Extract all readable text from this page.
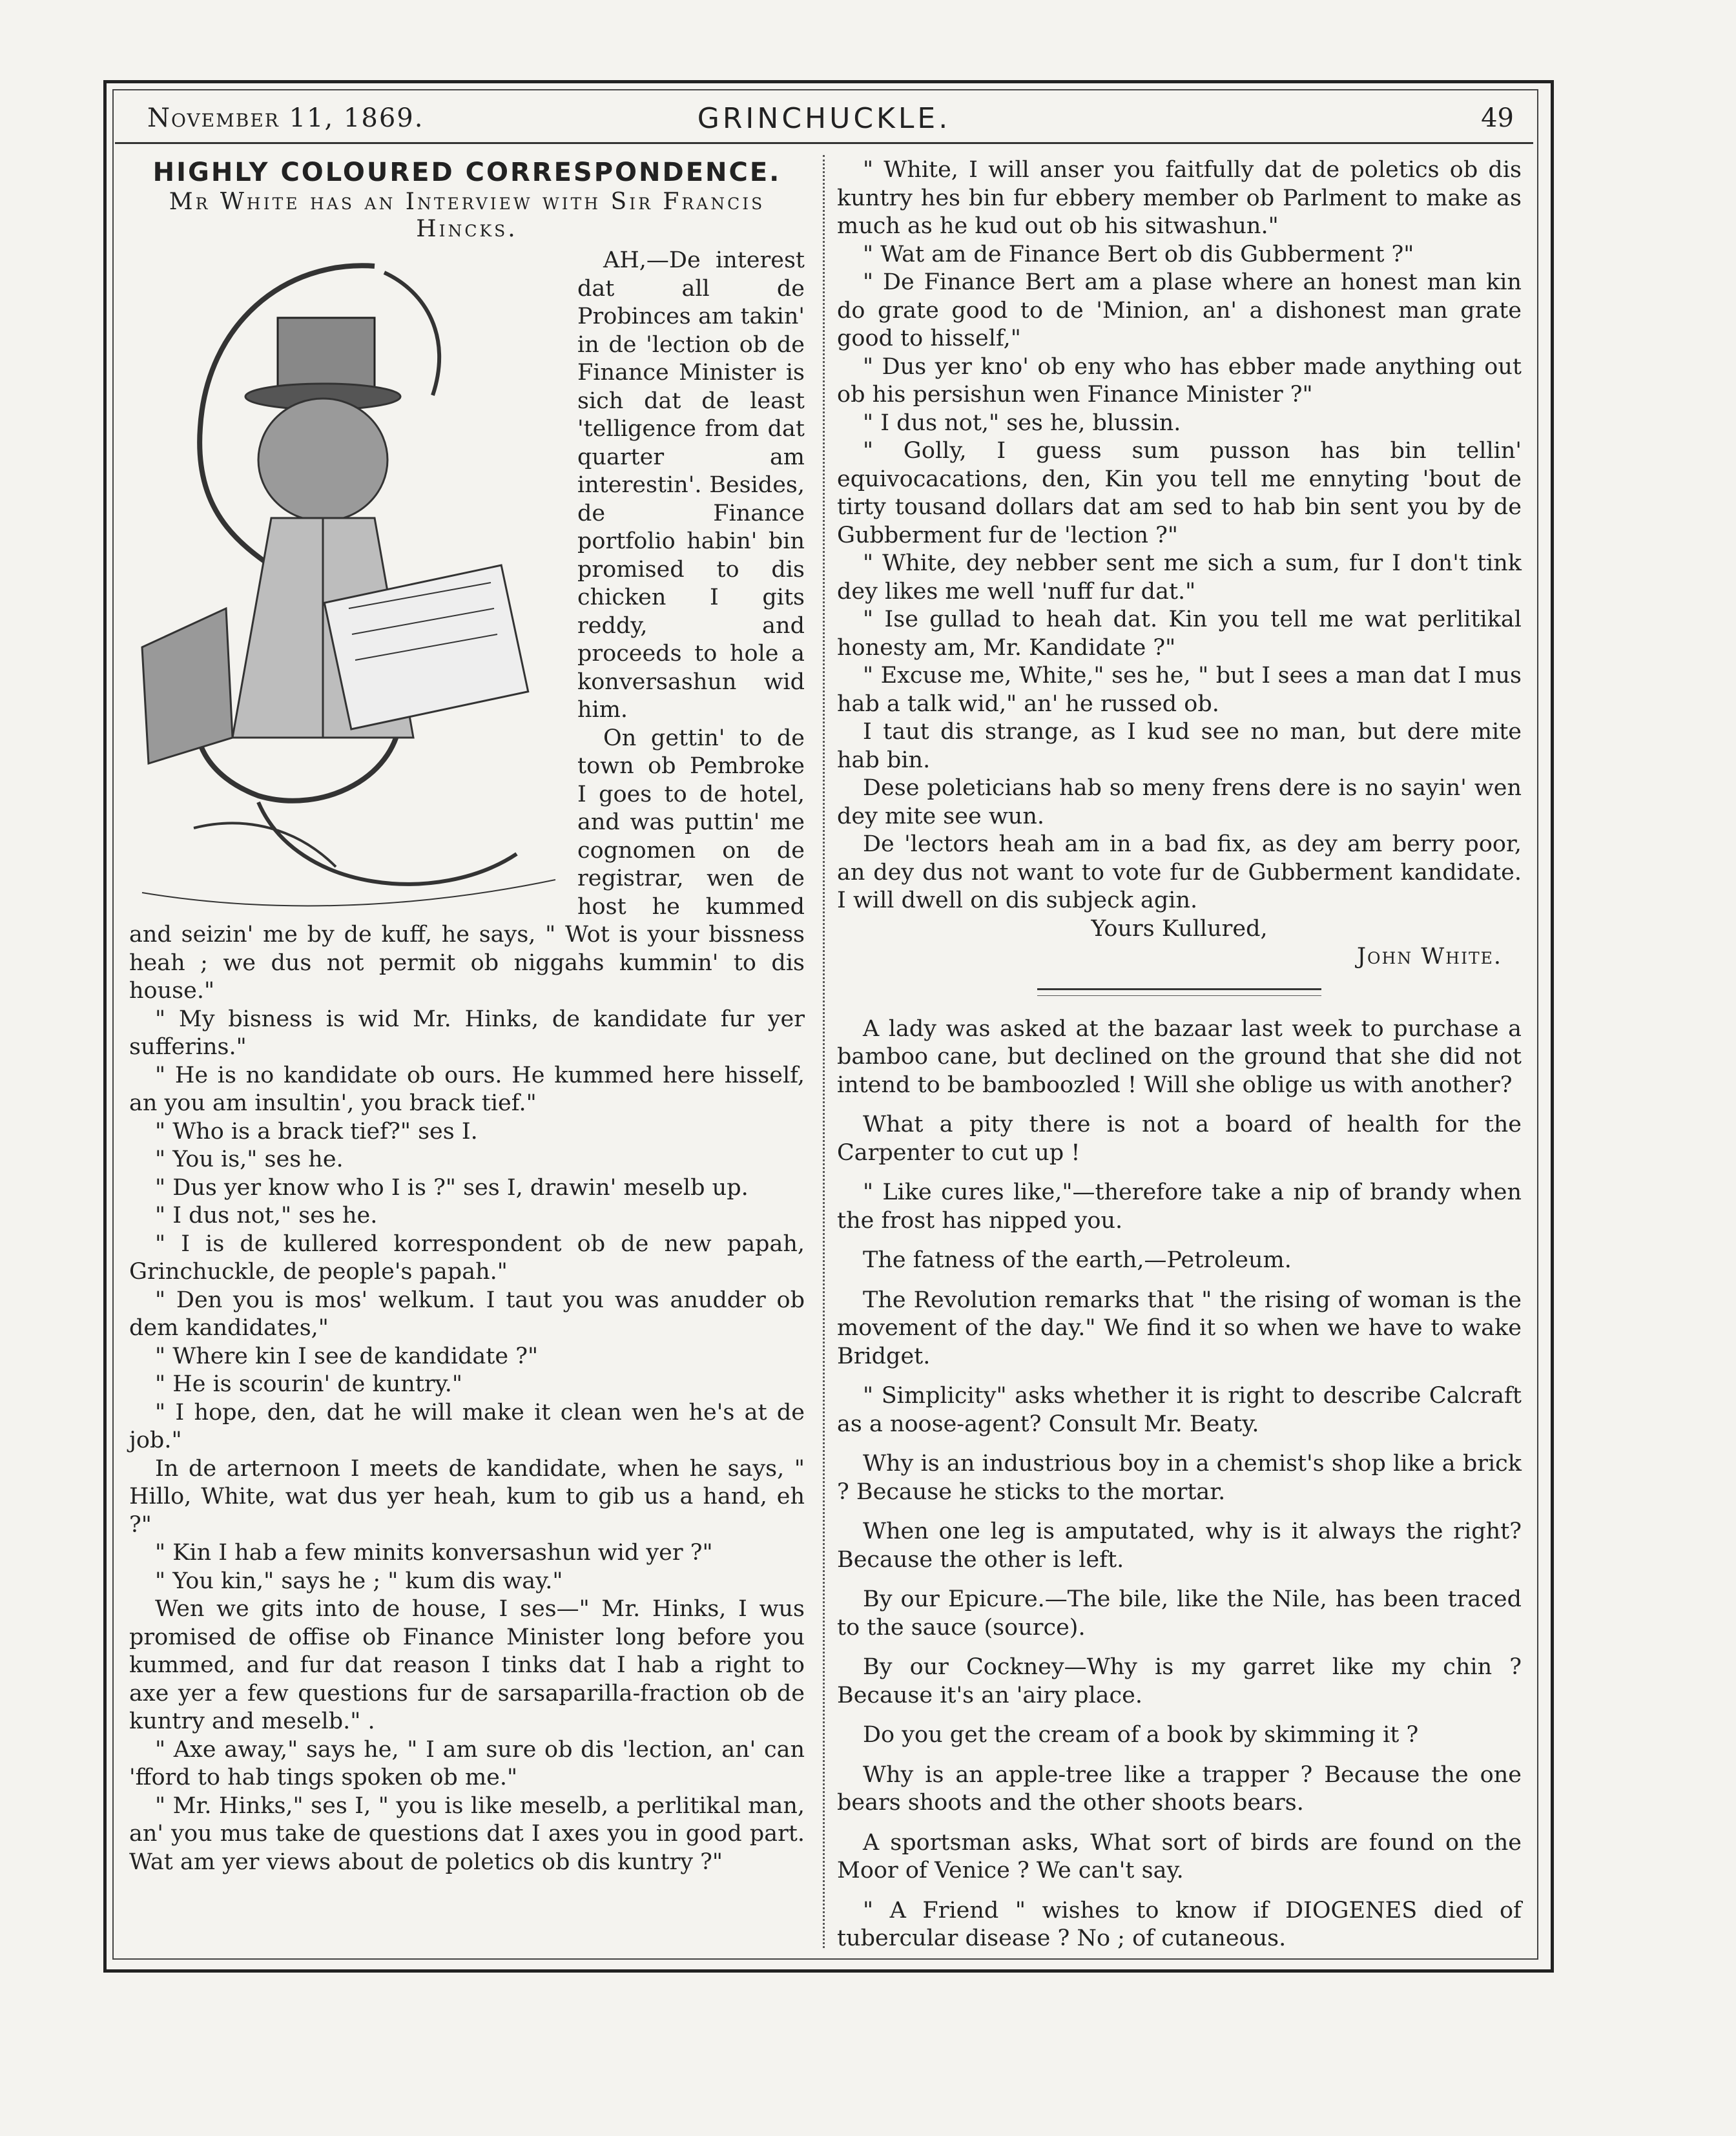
November 11, 1869.	GRINCHUCKLE.	49
HIGHLY COLOURED CORRESPONDENCE.
Mr White has an Interview with Sir Francis Hincks.

AH,—De interest dat all de Probinces am takin' in de 'lection ob de Finance Minister is sich dat de least 'telligence from dat quarter am interestin'. Besides, de Finance portfolio habin' bin promised to dis chicken I gits reddy, and proceeds to hole a konversashun wid him.

On gettin' to de town ob Pembroke I goes to de hotel, and was puttin' me cognomen on de registrar, wen de host he kummed and seizin' me by de kuff, he says, " Wot is your bissness heah ; we dus not permit ob niggahs kummin' to dis house."

" My bisness is wid Mr. Hinks, de kandidate fur yer sufferins."

" He is no kandidate ob ours. He kummed here hisself, an you am insultin', you brack tief."

" Who is a brack tief?" ses I.

" You is," ses he.

" Dus yer know who I is ?" ses I, drawin' meselb up.

" I dus not," ses he.

" I is de kullered korrespondent ob de new papah, Grinchuckle, de people's papah."

" Den you is mos' welkum. I taut you was anudder ob dem kandidates,"

" Where kin I see de kandidate ?"

" He is scourin' de kuntry."

" I hope, den, dat he will make it clean wen he's at de job."

In de arternoon I meets de kandidate, when he says, " Hillo, White, wat dus yer heah, kum to gib us a hand, eh ?"

" Kin I hab a few minits konversashun wid yer ?"

" You kin," says he ; " kum dis way."

Wen we gits into de house, I ses—" Mr. Hinks, I wus promised de offise ob Finance Minister long before you kummed, and fur dat reason I tinks dat I hab a right to axe yer a few questions fur de sarsaparilla-fraction ob de kuntry and meselb." .

" Axe away," says he, " I am sure ob dis 'lection, an' can 'fford to hab tings spoken ob me."

" Mr. Hinks," ses I, " you is like meselb, a perlitikal man, an' you mus take de questions dat I axes you in good part. Wat am yer views about de poletics ob dis kuntry ?"

" White, I will anser you faitfully dat de poletics ob dis kuntry hes bin fur ebbery member ob Parlment to make as much as he kud out ob his sitwashun."

" Wat am de Finance Bert ob dis Gubberment ?"

" De Finance Bert am a plase where an honest man kin do grate good to de 'Minion, an' a dishonest man grate good to hisself,"

" Dus yer kno' ob eny who has ebber made anything out ob his persishun wen Finance Minister ?"

" I dus not," ses he, blussin.

" Golly, I guess sum pusson has bin tellin' equivocacations, den, Kin you tell me ennyting 'bout de tirty tousand dollars dat am sed to hab bin sent you by de Gubberment fur de 'lection ?"

" White, dey nebber sent me sich a sum, fur I don't tink dey likes me well 'nuff fur dat."

" Ise gullad to heah dat. Kin you tell me wat perlitikal honesty am, Mr. Kandidate ?"

" Excuse me, White," ses he, " but I sees a man dat I mus hab a talk wid," an' he russed ob.

I taut dis strange, as I kud see no man, but dere mite hab bin.

Dese poleticians hab so meny frens dere is no sayin' wen dey mite see wun.

De 'lectors heah am in a bad fix, as dey am berry poor, an dey dus not want to vote fur de Gubberment kandidate. I will dwell on dis subjeck agin.

Yours Kullured,

John White.

A lady was asked at the bazaar last week to purchase a bamboo cane, but declined on the ground that she did not intend to be bamboozled ! Will she oblige us with another?

What a pity there is not a board of health for the Carpenter to cut up !

" Like cures like,"—therefore take a nip of brandy when the frost has nipped you.

The fatness of the earth,—Petroleum.

The Revolution remarks that " the rising of woman is the movement of the day." We find it so when we have to wake Bridget.

" Simplicity" asks whether it is right to describe Calcraft as a noose-agent? Consult Mr. Beaty.

Why is an industrious boy in a chemist's shop like a brick ? Because he sticks to the mortar.

When one leg is amputated, why is it always the right? Because the other is left.

By our Epicure.—The bile, like the Nile, has been traced to the sauce (source).

By our Cockney—Why is my garret like my chin ? Because it's an 'airy place.

Do you get the cream of a book by skimming it ?

Why is an apple-tree like a trapper ? Because the one bears shoots and the other shoots bears.

A sportsman asks, What sort of birds are found on the Moor of Venice ? We can't say.

" A Friend " wishes to know if DIOGENES died of tubercular disease ? No ; of cutaneous.
